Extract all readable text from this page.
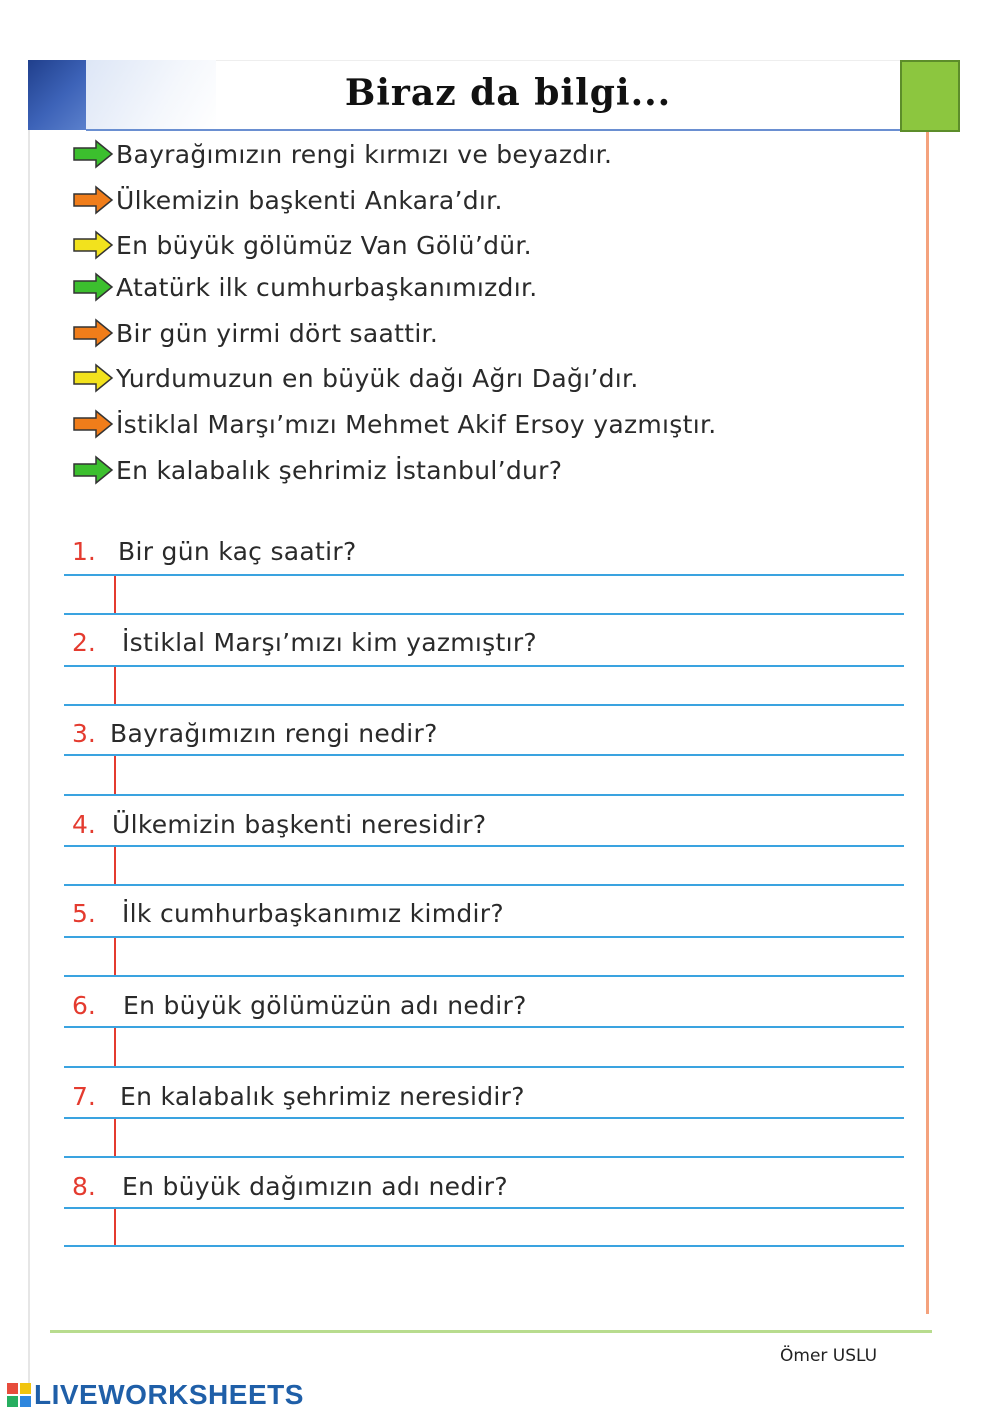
Biraz da bilgi...
Bayrağımızın rengi kırmızı ve beyazdır.
Ülkemizin başkenti Ankara’dır.
En büyük gölümüz Van Gölü’dür.
Atatürk ilk cumhurbaşkanımızdır.
Bir gün yirmi dört saattir.
Yurdumuzun en büyük dağı Ağrı Dağı’dır.
İstiklal Marşı’mızı Mehmet Akif Ersoy yazmıştır.
En kalabalık şehrimiz İstanbul’dur?
1. Bir gün kaç saatir?
2. İstiklal Marşı’mızı kim yazmıştır?
3. Bayrağımızın rengi nedir?
4. Ülkemizin başkenti neresidir?
5. İlk cumhurbaşkanımız kimdir?
6. En büyük gölümüzün adı nedir?
7. En kalabalık şehrimiz neresidir?
8. En büyük dağımızın adı nedir?
Ömer USLU
LIVEWORKSHEETS
